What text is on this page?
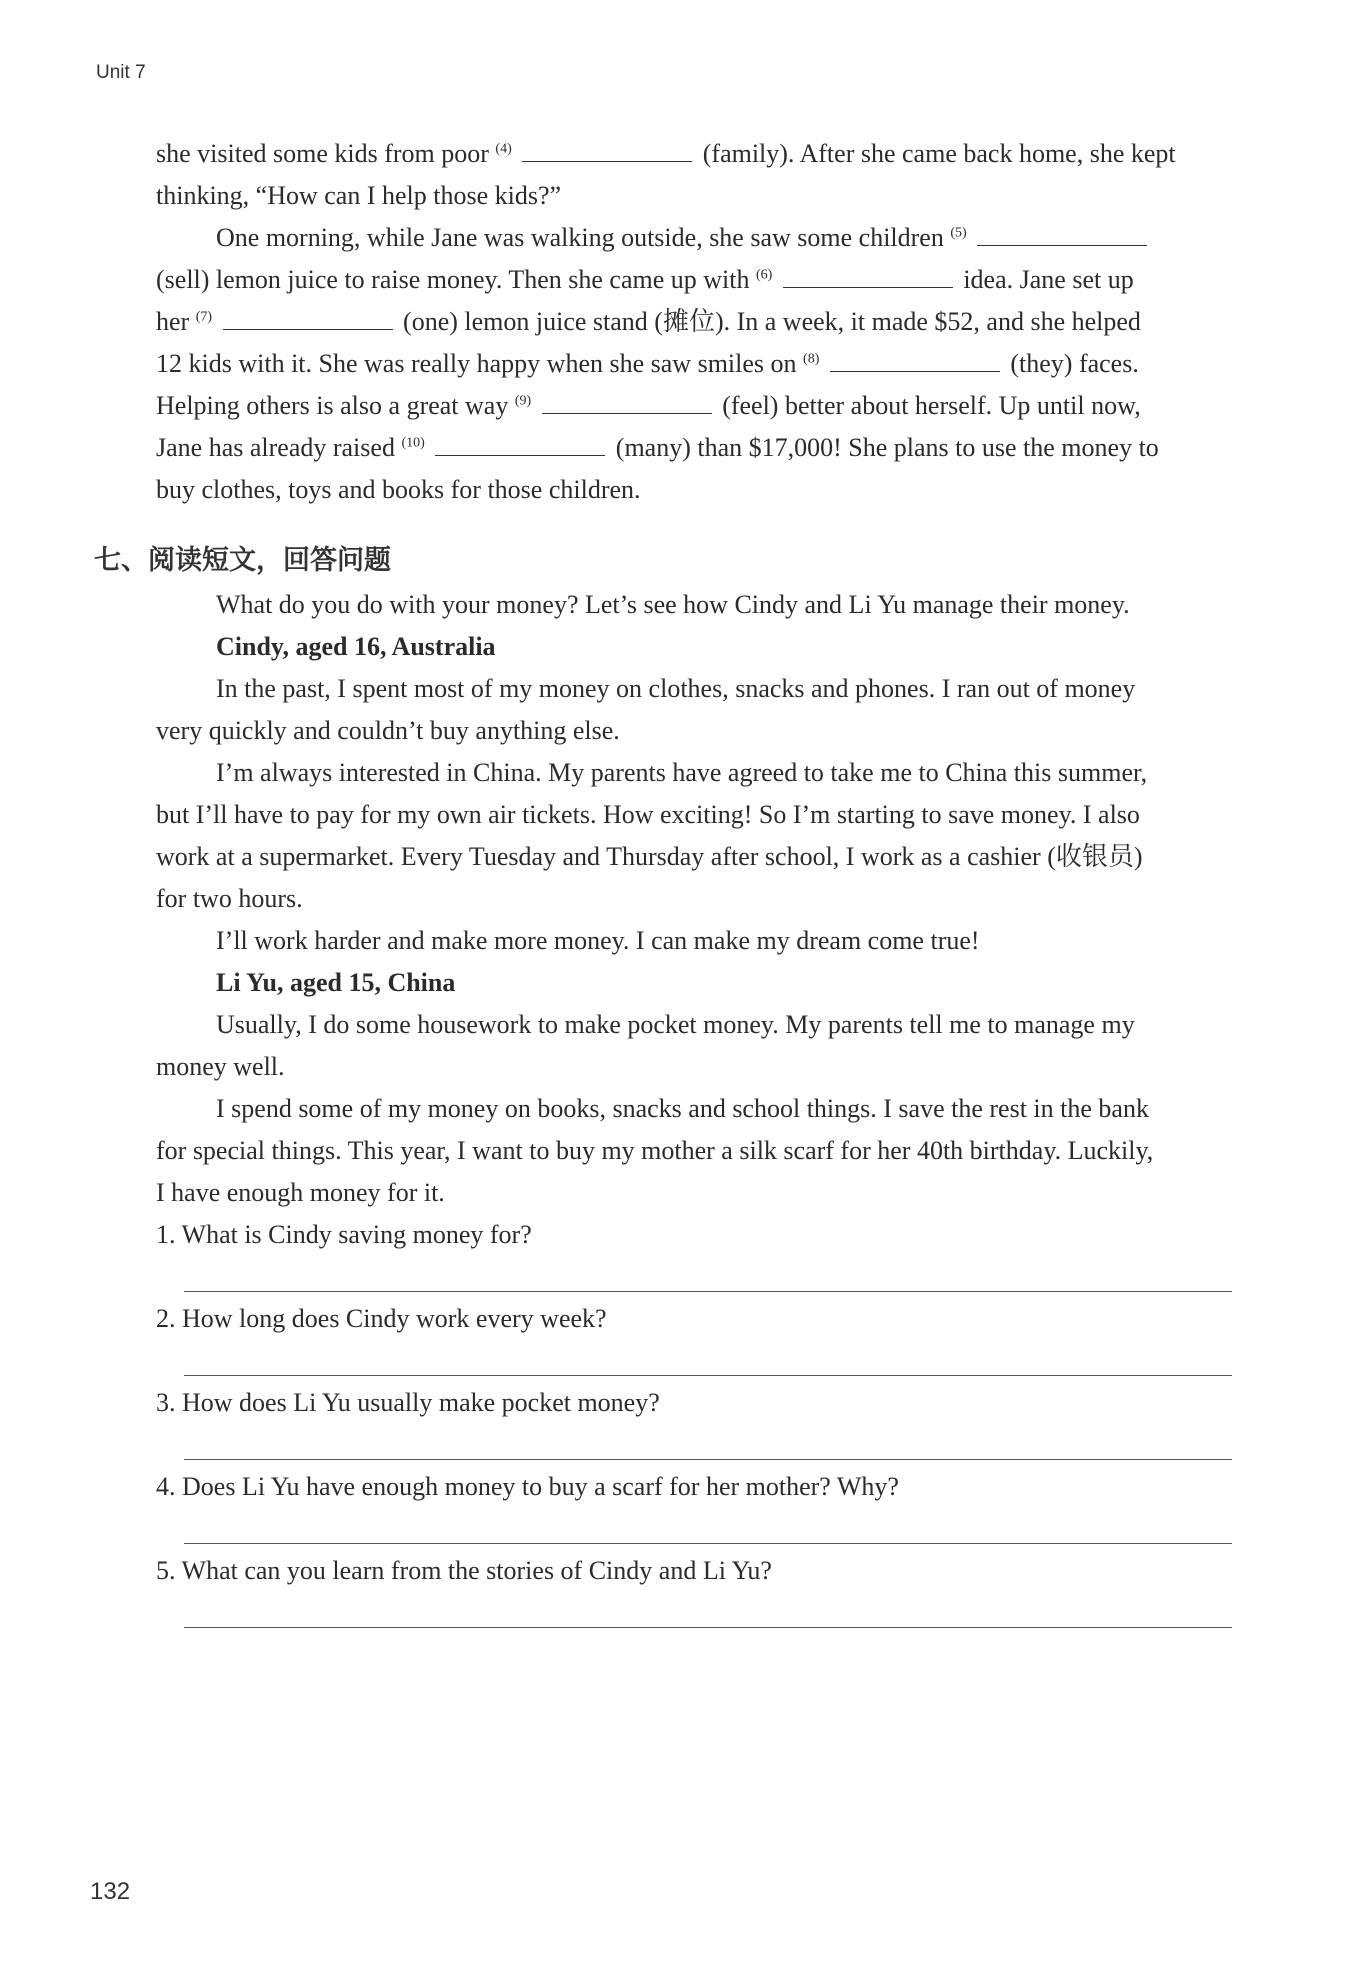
Unit 7
she visited some kids from poor $^{(4)}$	(family). After she came back home, she kept
thinking, “How can I help those kids?”
One morning, while Jane was walking outside, she saw some children $^{(5)}$
(sell) lemon juice to raise money. Then she came up with $^{(6)}$	idea. Jane set up
her $^{(7)}$	(one) lemon juice stand (摊位). In a week, it made $52, and she helped
12 kids with it. She was really happy when she saw smiles on $^{(8)}$	(they) faces.
Helping others is also a great way $^{(9)}$	(feel) better about herself. Up until now,
Jane has already raised $^{(10)}$	(many) than $17,000! She plans to use the money to
buy clothes, toys and books for those children.
七、阅读短文，回答问题
What do you do with your money? Let’s see how Cindy and Li Yu manage their money.
Cindy, aged 16, Australia
In the past, I spent most of my money on clothes, snacks and phones. I ran out of money
very quickly and couldn’t buy anything else.
I’m always interested in China. My parents have agreed to take me to China this summer,
but I’ll have to pay for my own air tickets. How exciting! So I’m starting to save money. I also
work at a supermarket. Every Tuesday and Thursday after school, I work as a cashier (收银员)
for two hours.
I’ll work harder and make more money. I can make my dream come true!
Li Yu, aged 15, China
Usually, I do some housework to make pocket money. My parents tell me to manage my
money well.
I spend some of my money on books, snacks and school things. I save the rest in the bank
for special things. This year, I want to buy my mother a silk scarf for her 40th birthday. Luckily,
I have enough money for it.
1. What is Cindy saving money for?
2. How long does Cindy work every week?
3. How does Li Yu usually make pocket money?
4. Does Li Yu have enough money to buy a scarf for her mother? Why?
5. What can you learn from the stories of Cindy and Li Yu?
132
